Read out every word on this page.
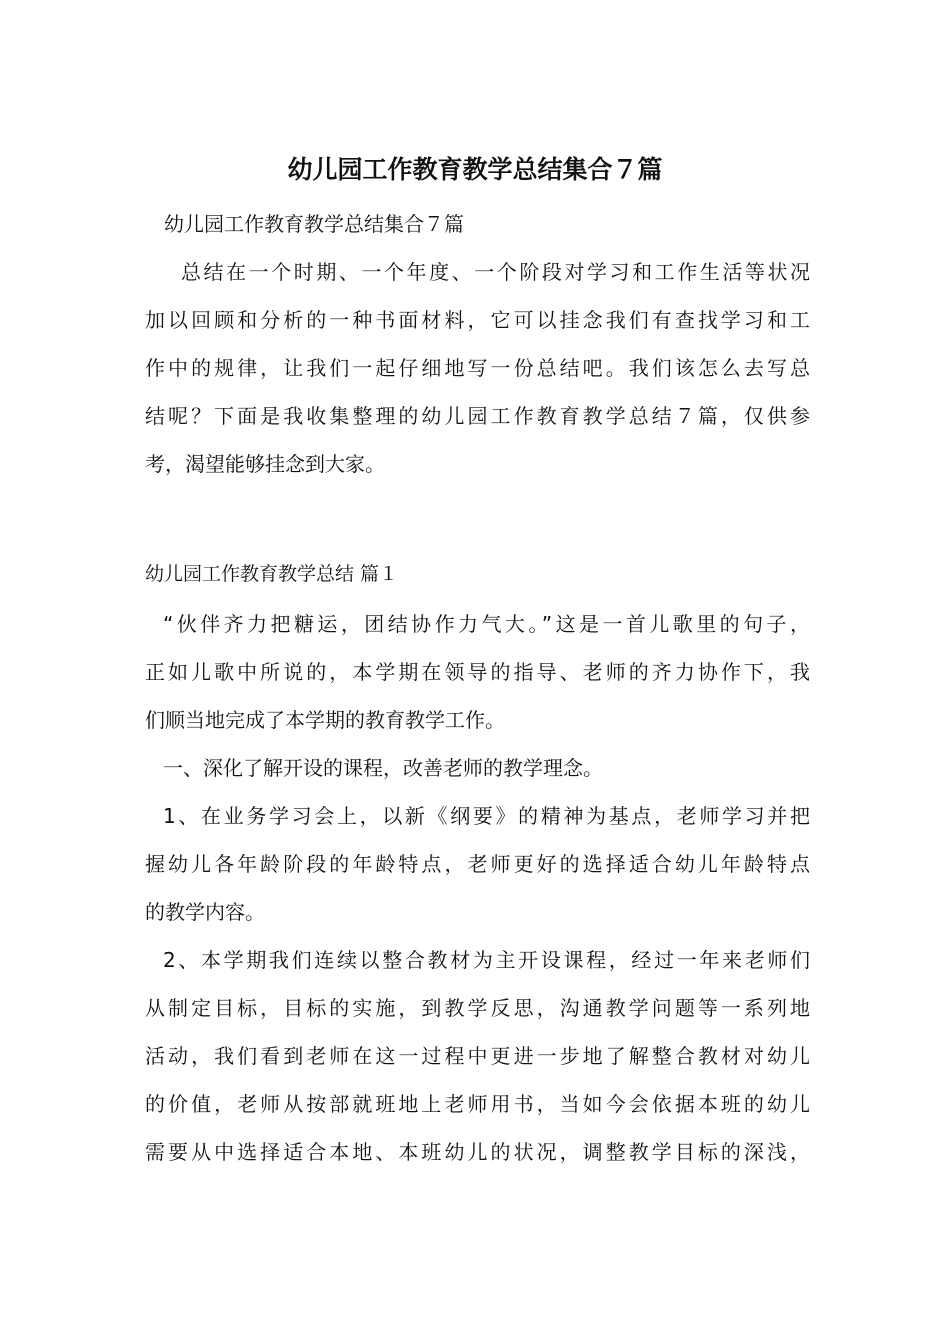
幼儿园工作教育教学总结集合７篇

幼儿园工作教育教学总结集合７篇

总结在一个时期、一个年度、一个阶段对学习和工作生活等状况
加以回顾和分析的一种书面材料，它可以挂念我们有查找学习和工
作中的规律，让我们一起仔细地写一份总结吧。我们该怎么去写总
结呢？下面是我收集整理的幼儿园工作教育教学总结７篇，仅供参
考，渴望能够挂念到大家。

幼儿园工作教育教学总结 篇１

“伙伴齐力把糖运，团结协作力气大。”这是一首儿歌里的句子，
正如儿歌中所说的，本学期在领导的指导、老师的齐力协作下，我
们顺当地完成了本学期的教育教学工作。
一、深化了解开设的课程，改善老师的教学理念。
1、在业务学习会上，以新《纲要》的精神为基点，老师学习并把
握幼儿各年龄阶段的年龄特点，老师更好的选择适合幼儿年龄特点
的教学内容。
2、本学期我们连续以整合教材为主开设课程，经过一年来老师们
从制定目标，目标的实施，到教学反思，沟通教学问题等一系列地
活动，我们看到老师在这一过程中更进一步地了解整合教材对幼儿
的价值，老师从按部就班地上老师用书，当如今会依据本班的幼儿
需要从中选择适合本地、本班幼儿的状况，调整教学目标的深浅，
